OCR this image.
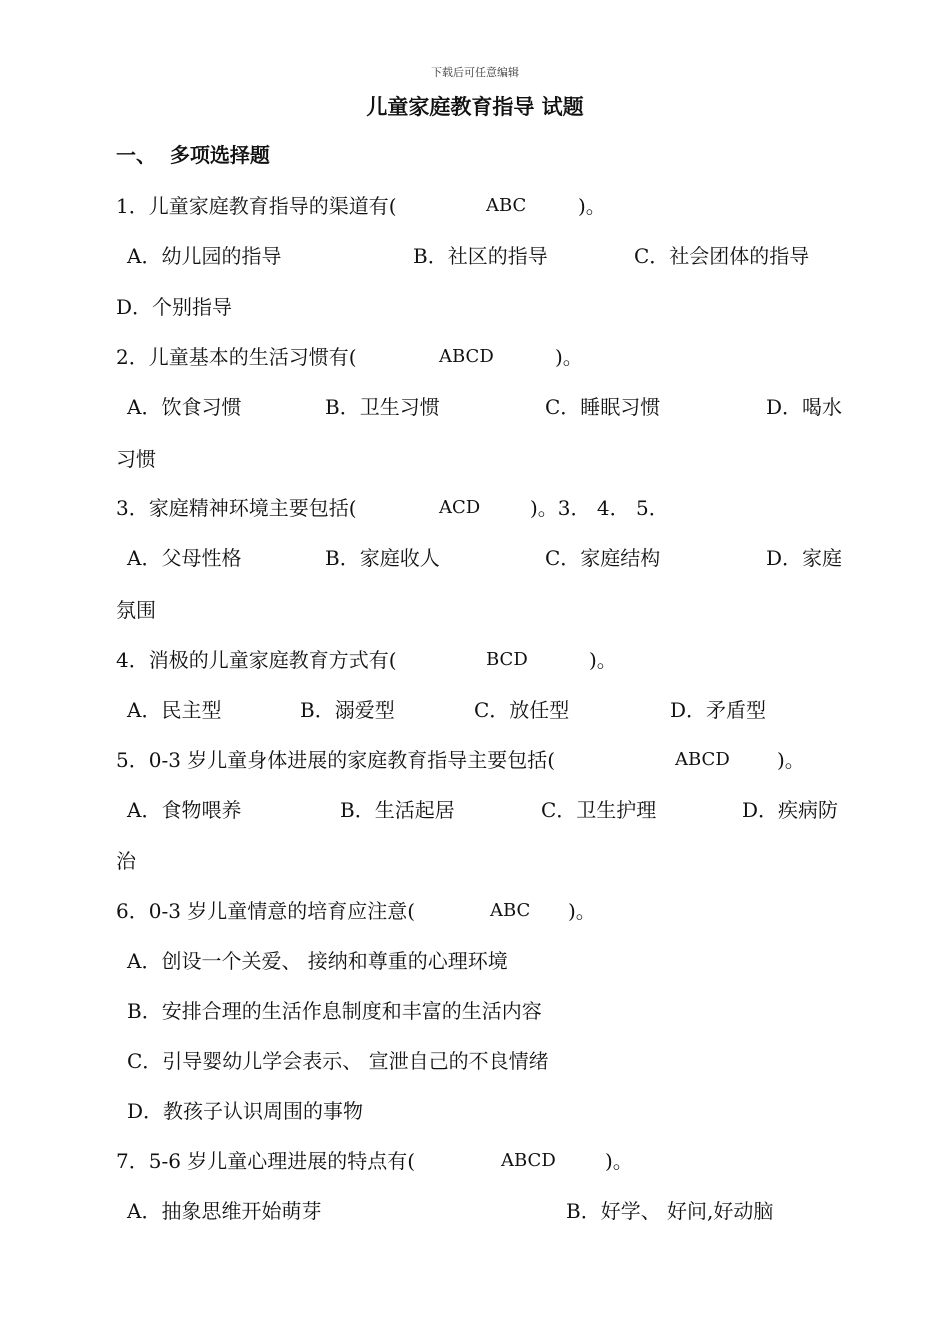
下载后可任意编辑
儿童家庭教育指导 试题
一、  多项选择题
1．儿童家庭教育指导的渠道有(	ABC	)。
A．幼儿园的指导	B．社区的指导	C．社会团体的指导
D．个别指导
2．儿童基本的生活习惯有(	ABCD	)。
A．饮食习惯	B．卫生习惯	C．睡眠习惯	D．喝水
习惯
3．家庭精神环境主要包括(	ACD )。3． 4． 5．
A．父母性格	B．家庭收人	C．家庭结构	D．家庭
氛围
4．消极的儿童家庭教育方式有(	BCD	)。
A．民主型	B．溺爱型	C．放任型	D．矛盾型
5．0-3 岁儿童身体进展的家庭教育指导主要包括(	ABCD )。
A．食物喂养	B．生活起居	C．卫生护理	D．疾病防
治
6．0-3 岁儿童情意的培育应注意(	ABC )。
A．创设一个关爱、 接纳和尊重的心理环境
B．安排合理的生活作息制度和丰富的生活内容
C．引导婴幼儿学会表示、 宣泄自己的不良情绪
D．教孩子认识周围的事物
7．5-6 岁儿童心理进展的特点有(	ABCD )。
A．抽象思维开始萌芽	B．好学、 好问,好动脑
